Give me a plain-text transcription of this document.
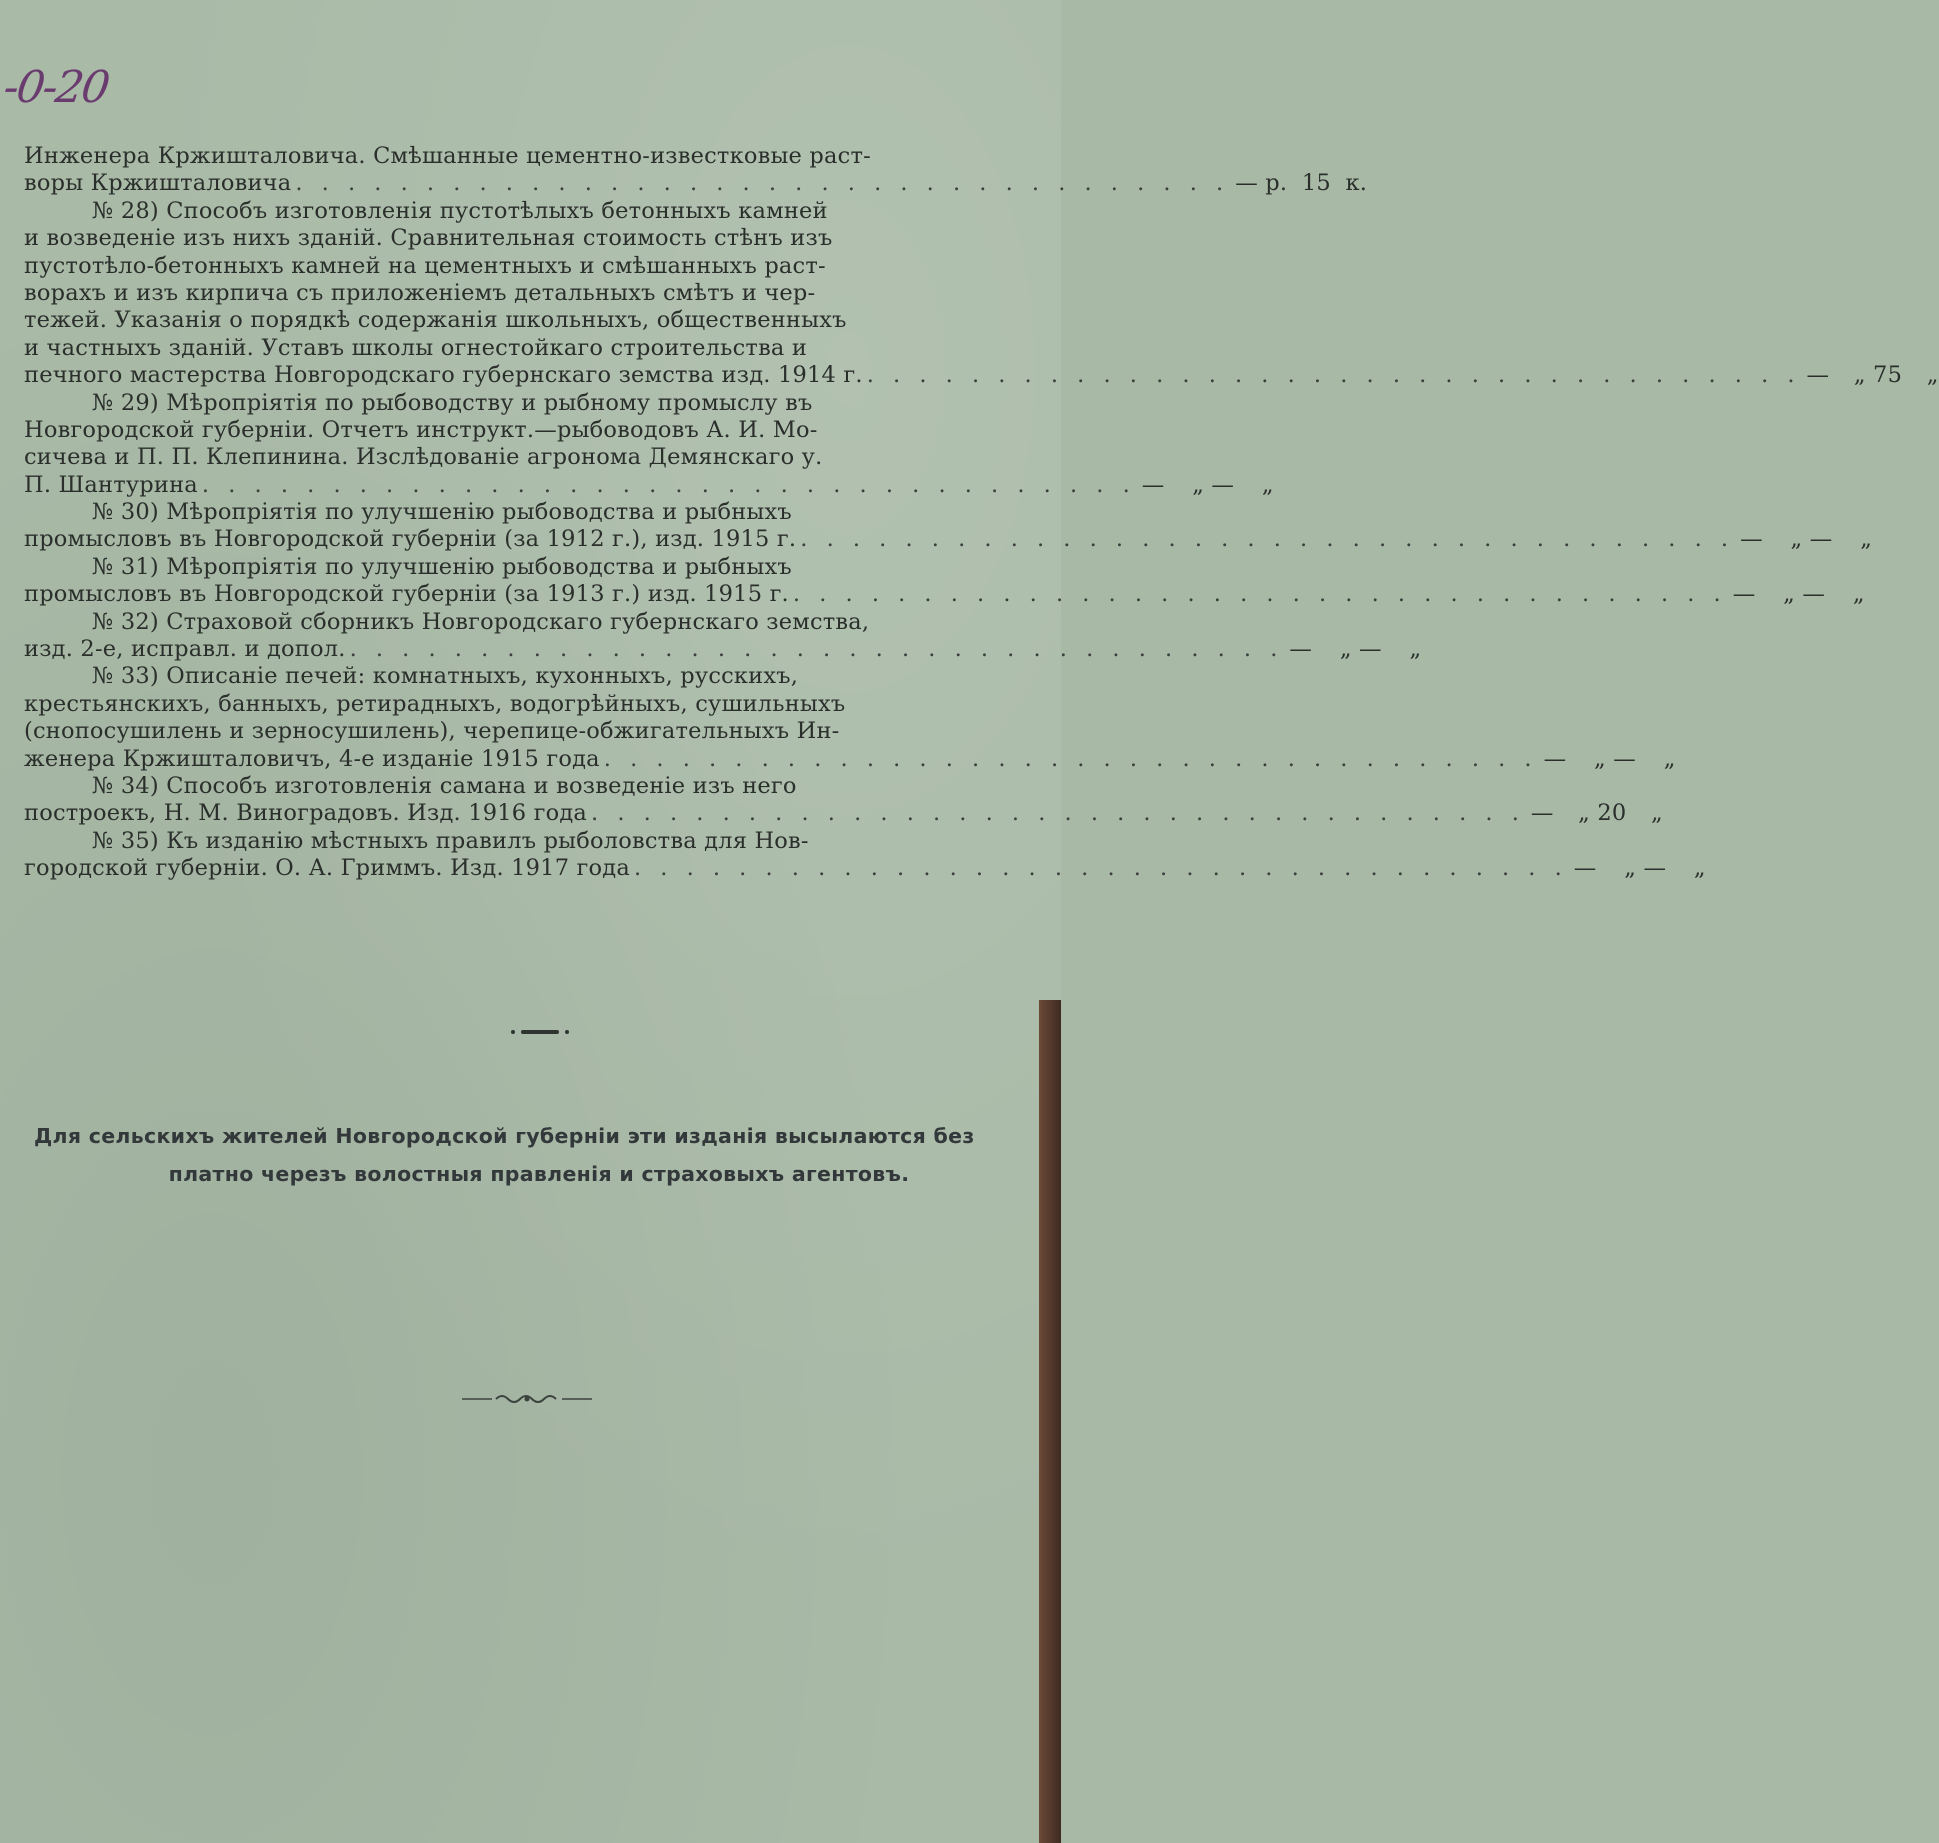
-0-20
Инженера Кржишталовича. Смѣшанные цементно-известковые раст-
воры Кржишталовича . . . . . . . . . . . . . . . . . . . . . . . . . . . . . . . . . . . . — р. 15 к.
№ 28) Способъ изготовленія пустотѣлыхъ бетонныхъ камней
и возведеніе изъ нихъ зданій. Сравнительная стоимость стѣнъ изъ
пустотѣло-бетонныхъ камней на цементныхъ и смѣшанныхъ раст-
ворахъ и изъ кирпича съ приложеніемъ детальныхъ смѣтъ и чер-
тежей. Указанія о порядкѣ содержанія школьныхъ, общественныхъ
и частныхъ зданій. Уставъ школы огнестойкаго строительства и
печного мастерства Новгородскаго губернскаго земства изд. 1914 г. . . . . . . . . . . . . . . . . . . . . . . . . . . . . . . . . . . . . — „ 75 „
№ 29) Мѣропріятія по рыбоводству и рыбному промыслу въ
Новгородской губерніи. Отчетъ инструкт.—рыбоводовъ А. И. Мо-
сичева и П. П. Клепинина. Изслѣдованіе агронома Демянскаго у.
П. Шантурина . . . . . . . . . . . . . . . . . . . . . . . . . . . . . . . . . . . . — „ — „
№ 30) Мѣропріятія по улучшенію рыбоводства и рыбныхъ
промысловъ въ Новгородской губерніи (за 1912 г.), изд. 1915 г. . . . . . . . . . . . . . . . . . . . . . . . . . . . . . . . . . . . . — „ — „
№ 31) Мѣропріятія по улучшенію рыбоводства и рыбныхъ
промысловъ въ Новгородской губерніи (за 1913 г.) изд. 1915 г. . . . . . . . . . . . . . . . . . . . . . . . . . . . . . . . . . . . . — „ — „
№ 32) Страховой сборникъ Новгородскаго губернскаго земства,
изд. 2-е, исправл. и допол. . . . . . . . . . . . . . . . . . . . . . . . . . . . . . . . . . . . . — „ — „
№ 33) Описаніе печей: комнатныхъ, кухонныхъ, русскихъ,
крестьянскихъ, банныхъ, ретирадныхъ, водогрѣйныхъ, сушильныхъ
(снопосушилень и зерносушилень), черепице-обжигательныхъ Ин-
женера Кржишталовичъ, 4-е изданіе 1915 года . . . . . . . . . . . . . . . . . . . . . . . . . . . . . . . . . . . . — „ — „
№ 34) Способъ изготовленія самана и возведеніе изъ него
построекъ, Н. М. Виноградовъ. Изд. 1916 года . . . . . . . . . . . . . . . . . . . . . . . . . . . . . . . . . . . . — „ 20 „
№ 35) Къ изданію мѣстныхъ правилъ рыболовства для Нов-
городской губерніи. О. А. Гриммъ. Изд. 1917 года . . . . . . . . . . . . . . . . . . . . . . . . . . . . . . . . . . . . — „ — „
Для сельскихъ жителей Новгородской губерніи эти изданія высылаются без
платно черезъ волостныя правленія и страховыхъ агентовъ.
